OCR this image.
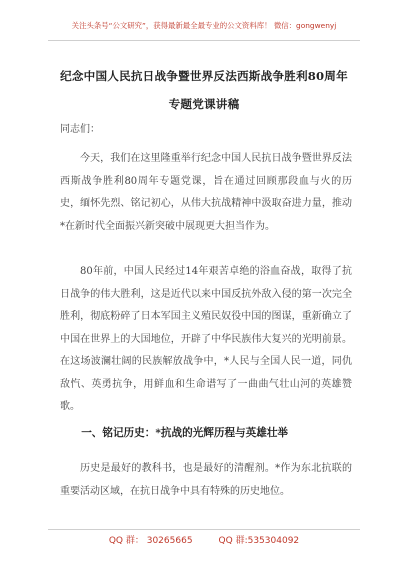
关注头条号“公文研究”，获得最新最全最专业的公文资料库！ 微信：gongwenyj
纪念中国人民抗日战争暨世界反法西斯战争胜利80周年专题党课讲稿
同志们：

今天，我们在这里隆重举行纪念中国人民抗日战争暨世界反法西斯战争胜利80周年专题党课，旨在通过回顾那段血与火的历史，缅怀先烈、铭记初心，从伟大抗战精神中汲取奋进力量，推动*在新时代全面振兴新突破中展现更大担当作为。

80年前，中国人民经过14年艰苦卓绝的浴血奋战，取得了抗日战争的伟大胜利，这是近代以来中国反抗外敌入侵的第一次完全胜利，彻底粉碎了日本军国主义殖民奴役中国的图谋，重新确立了中国在世界上的大国地位，开辟了中华民族伟大复兴的光明前景。在这场波澜壮阔的民族解放战争中，*人民与全国人民一道，同仇敌忾、英勇抗争，用鲜血和生命谱写了一曲曲气壮山河的英雄赞歌。

一、铭记历史：*抗战的光辉历程与英雄壮举

历史是最好的教科书，也是最好的清醒剂。*作为东北抗联的重要活动区域，在抗日战争中具有特殊的历史地位。

QQ 群： 30265665	QQ 群:535304092
